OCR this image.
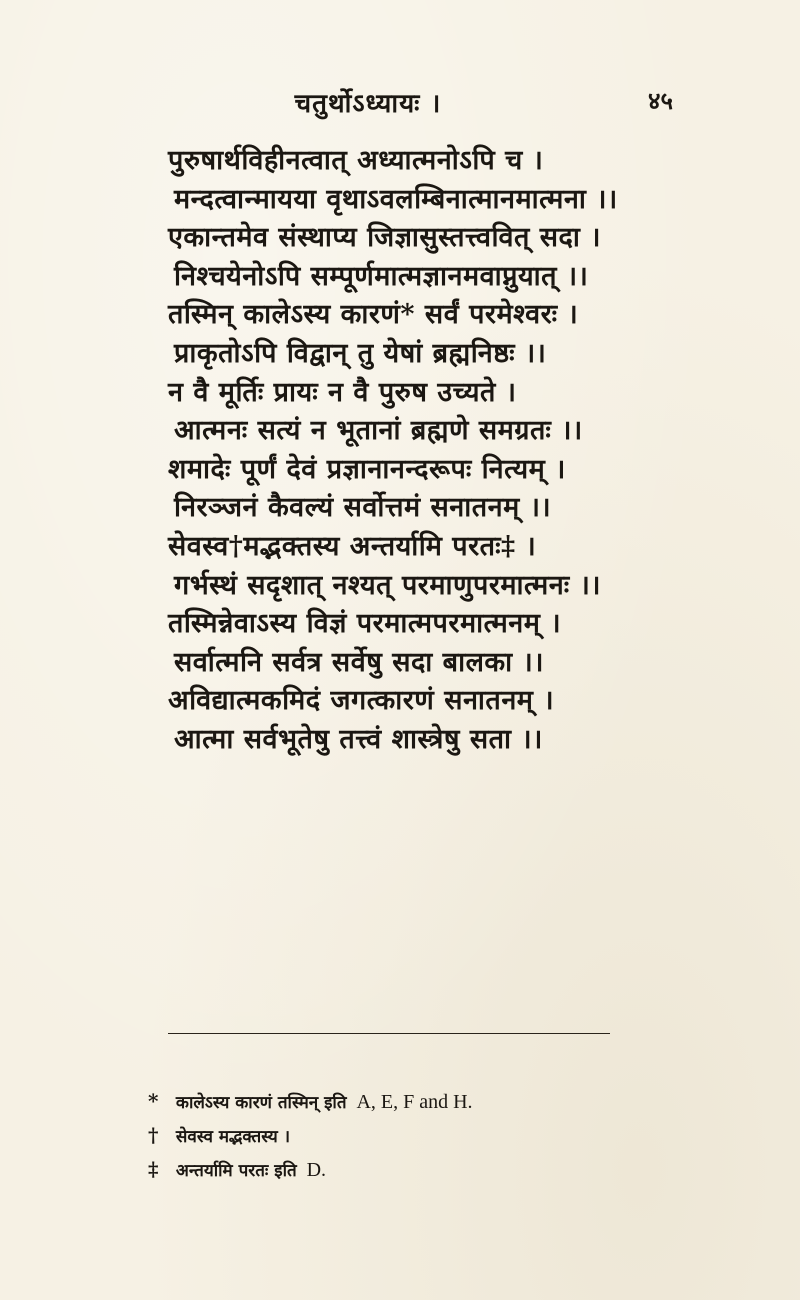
चतुर्थोऽध्यायः ।	४५
पुरुषार्थविहीनत्वात् अध्यात्मनोऽपि च ।
मन्दत्वान्मायया वृथाऽवलम्बिनात्मानमात्मना ।।
एकान्तमेव संस्थाप्य जिज्ञासुस्तत्त्ववित् सदा ।
निश्चयेनोऽपि सम्पूर्णमात्मज्ञानमवाप्नुयात् ।।
तस्मिन् कालेऽस्य कारणं* सर्वं परमेश्वरः ।
प्राकृतोऽपि विद्वान् तु येषां ब्रह्मनिष्ठः ।।
न वै मूर्तिः प्रायः न वै पुरुष उच्यते ।
आत्मनः सत्यं न भूतानां ब्रह्मणे समग्रतः ।।
शमादेः पूर्णं देवं प्रज्ञानानन्दरूपः नित्यम् ।
निरञ्जनं कैवल्यं सर्वोत्तमं सनातनम् ।।
सेवस्व†मद्भक्तस्य अन्तर्यामि परतः‡ ।
गर्भस्थं सदृशात् नश्यत् परमाणुपरमात्मनः ।।
तस्मिन्नेवाऽस्य विज्ञं परमात्मपरमात्मनम् ।
सर्वात्मनि सर्वत्र सर्वेषु सदा बालका ।।
अविद्यात्मकमिदं जगत्कारणं सनातनम् ।
आत्मा सर्वभूतेषु तत्त्वं शास्त्रेषु सता ।।
* कालेऽस्य कारणं तस्मिन् इति A, E, F and H.
† सेवस्व मद्भक्तस्य ।
‡ अन्तर्यामि परतः इति D.
